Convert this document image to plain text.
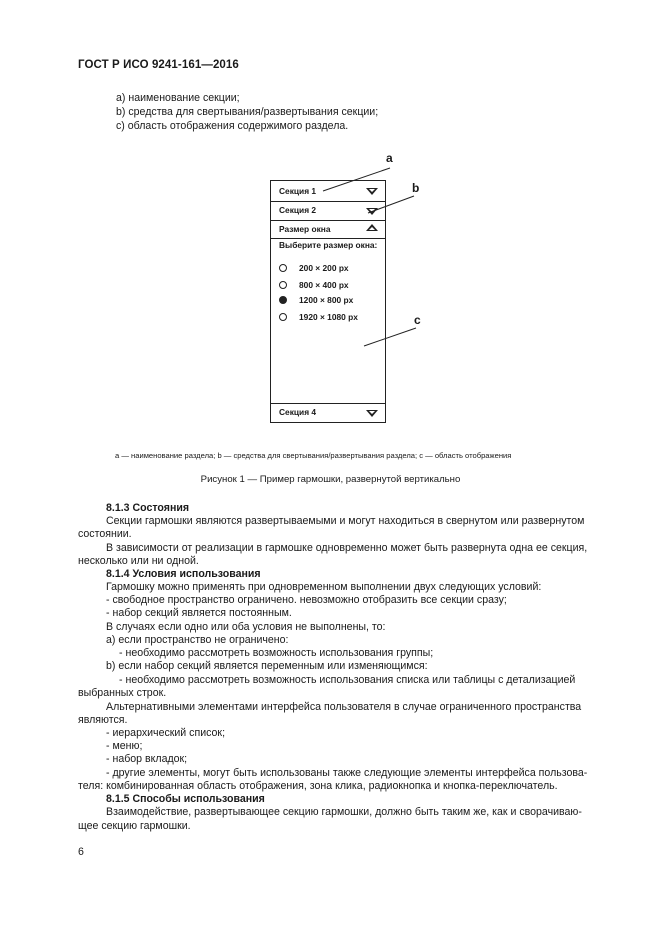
ГОСТ Р ИСО 9241-161—2016
a) наименование секции;
b) средства для свертывания/развертывания секции;
c) область отображения содержимого раздела.
Секция 1
Секция 2
Размер окна
Выберите размер окна:
200 × 200 px
800 × 400 px
1200 × 800 px
1920 × 1080 px
Секция 4
a
b
c
a — наименование раздела; b — средства для свертывания/развертывания раздела; c — область отображения
Рисунок 1 — Пример гармошки, развернутой вертикально
8.1.3 Состояния
Секции гармошки являются развертываемыми и могут находиться в свернутом или развернутом
состоянии.
В зависимости от реализации в гармошке одновременно может быть развернута одна ее секция,
несколько или ни одной.
8.1.4 Условия использования
Гармошку можно применять при одновременном выполнении двух следующих условий:
- свободное пространство ограничено. невозможно отобразить все секции сразу;
- набор секций является постоянным.
В случаях если одно или оба условия не выполнены, то:
a) если пространство не ограничено:
- необходимо рассмотреть возможность использования группы;
b) если набор секций является переменным или изменяющимся:
- необходимо рассмотреть возможность использования списка или таблицы с детализацией
выбранных строк.
Альтернативными элементами интерфейса пользователя в случае ограниченного пространства
являются.
- иерархический список;
- меню;
- набор вкладок;
- другие элементы, могут быть использованы также следующие элементы интерфейса пользова-
теля: комбинированная область отображения, зона клика, радиокнопка и кнопка-переключатель.
8.1.5 Способы использования
Взаимодействие, развертывающее секцию гармошки, должно быть таким же, как и сворачиваю-
щее секцию гармошки.
6
